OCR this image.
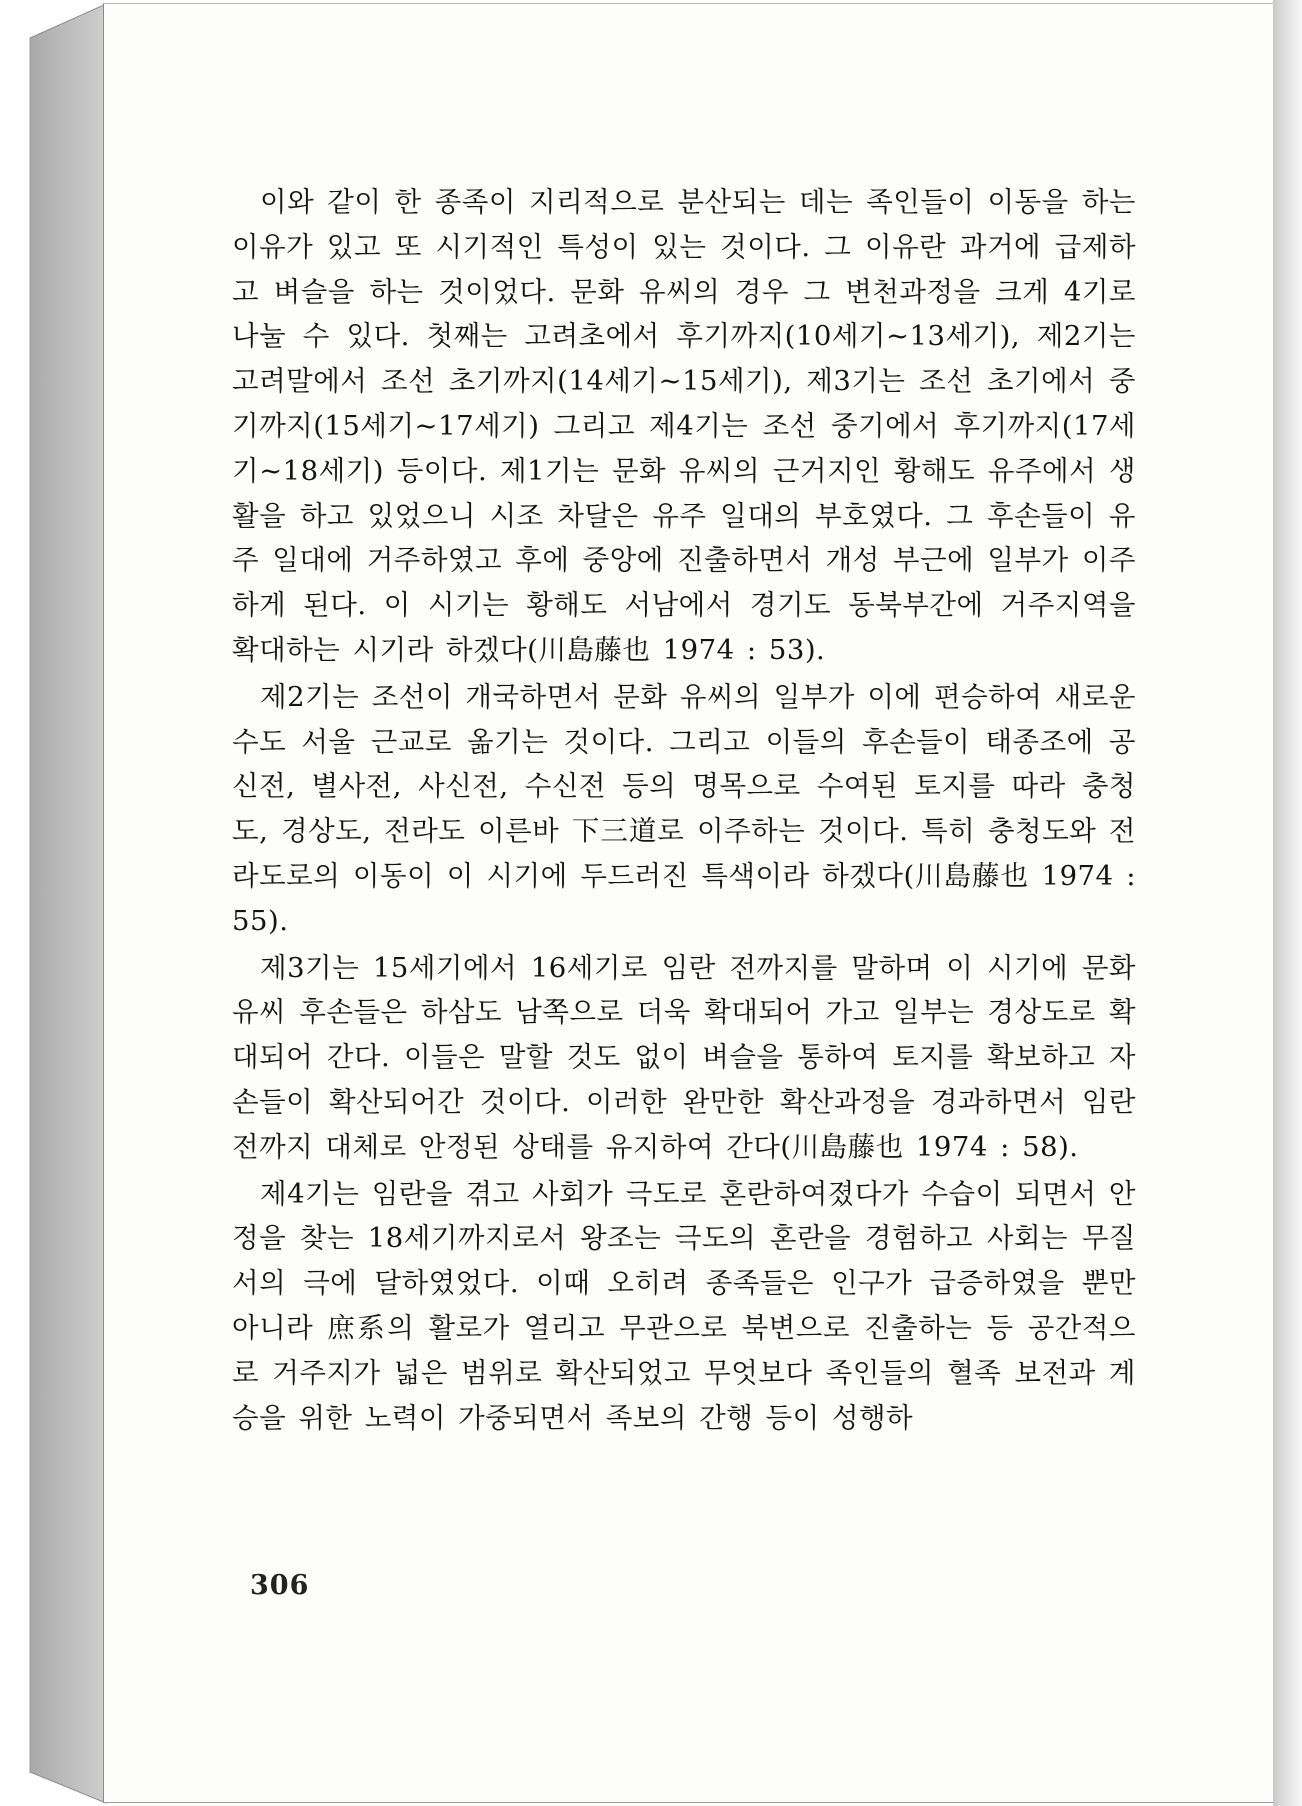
이와 같이 한 종족이 지리적으로 분산되는 데는 족인들이 이동을 하는 이유가 있고 또 시기적인 특성이 있는 것이다. 그 이유란 과거에 급제하고 벼슬을 하는 것이었다. 문화 유씨의 경우 그 변천과정을 크게 4기로 나눌 수 있다. 첫째는 고려초에서 후기까지(10세기~13세기), 제2기는 고려말에서 조선 초기까지(14세기~15세기), 제3기는 조선 초기에서 중기까지(15세기~17세기) 그리고 제4기는 조선 중기에서 후기까지(17세기~18세기) 등이다. 제1기는 문화 유씨의 근거지인 황해도 유주에서 생활을 하고 있었으니 시조 차달은 유주 일대의 부호였다. 그 후손들이 유주 일대에 거주하였고 후에 중앙에 진출하면서 개성 부근에 일부가 이주하게 된다. 이 시기는 황해도 서남에서 경기도 동북부간에 거주지역을 확대하는 시기라 하겠다(川島藤也 1974 : 53).

제2기는 조선이 개국하면서 문화 유씨의 일부가 이에 편승하여 새로운 수도 서울 근교로 옮기는 것이다. 그리고 이들의 후손들이 태종조에 공신전, 별사전, 사신전, 수신전 등의 명목으로 수여된 토지를 따라 충청도, 경상도, 전라도 이른바 下三道로 이주하는 것이다. 특히 충청도와 전라도로의 이동이 이 시기에 두드러진 특색이라 하겠다(川島藤也 1974 : 55).

제3기는 15세기에서 16세기로 임란 전까지를 말하며 이 시기에 문화 유씨 후손들은 하삼도 남쪽으로 더욱 확대되어 가고 일부는 경상도로 확대되어 간다. 이들은 말할 것도 없이 벼슬을 통하여 토지를 확보하고 자손들이 확산되어간 것이다. 이러한 완만한 확산과정을 경과하면서 임란 전까지 대체로 안정된 상태를 유지하여 간다(川島藤也 1974 : 58).

제4기는 임란을 겪고 사회가 극도로 혼란하여졌다가 수습이 되면서 안정을 찾는 18세기까지로서 왕조는 극도의 혼란을 경험하고 사회는 무질서의 극에 달하였었다. 이때 오히려 종족들은 인구가 급증하였을 뿐만 아니라 庶系의 활로가 열리고 무관으로 북변으로 진출하는 등 공간적으로 거주지가 넓은 범위로 확산되었고 무엇보다 족인들의 혈족 보전과 계승을 위한 노력이 가중되면서 족보의 간행 등이 성행하

306
